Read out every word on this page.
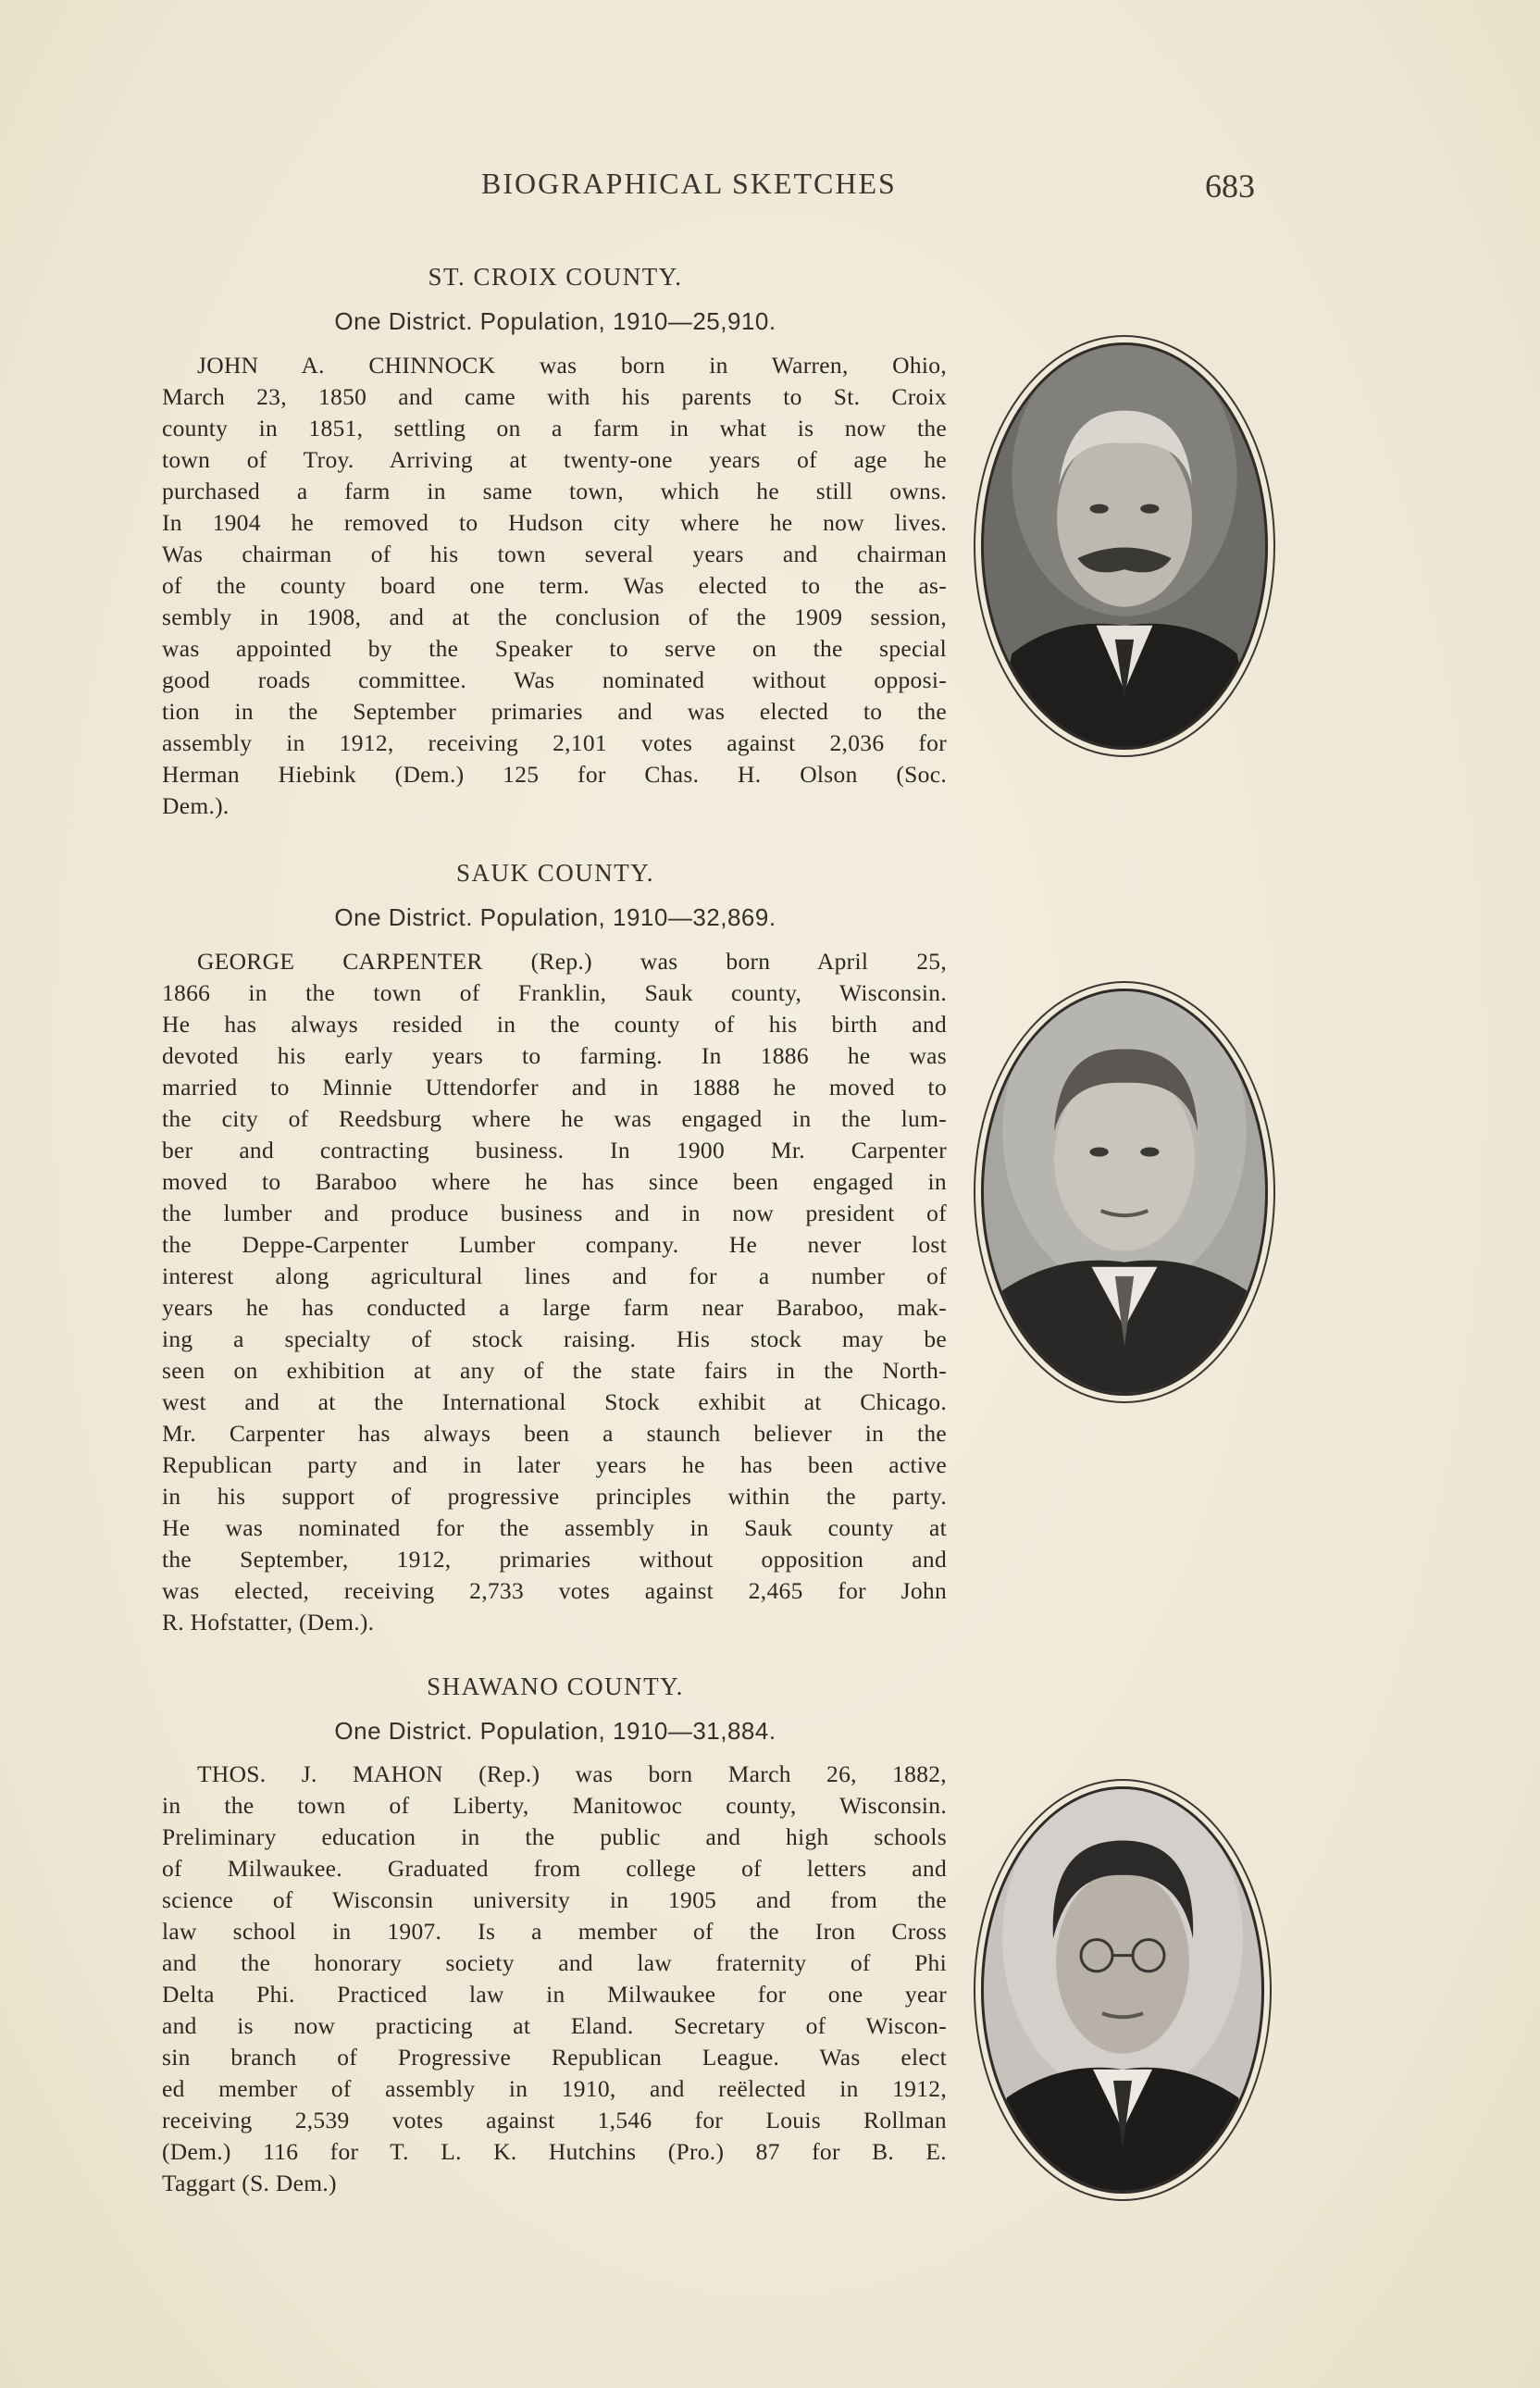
BIOGRAPHICAL SKETCHES	683
ST. CROIX COUNTY.
One District. Population, 1910—25,910.
JOHN A. CHINNOCK was born in Warren, Ohio,
March 23, 1850 and came with his parents to St. Croix
county in 1851, settling on a farm in what is now the
town of Troy. Arriving at twenty-one years of age he
purchased a farm in same town, which he still owns.
In 1904 he removed to Hudson city where he now lives.
Was chairman of his town several years and chairman
of the county board one term. Was elected to the as-
sembly in 1908, and at the conclusion of the 1909 session,
was appointed by the Speaker to serve on the special
good roads committee. Was nominated without opposi-
tion in the September primaries and was elected to the
assembly in 1912, receiving 2,101 votes against 2,036 for
Herman Hiebink (Dem.) 125 for Chas. H. Olson (Soc.
Dem.).
SAUK COUNTY.
One District. Population, 1910—32,869.
GEORGE CARPENTER (Rep.) was born April 25,
1866 in the town of Franklin, Sauk county, Wisconsin.
He has always resided in the county of his birth and
devoted his early years to farming. In 1886 he was
married to Minnie Uttendorfer and in 1888 he moved to
the city of Reedsburg where he was engaged in the lum-
ber and contracting business. In 1900 Mr. Carpenter
moved to Baraboo where he has since been engaged in
the lumber and produce business and in now president of
the Deppe-Carpenter Lumber company. He never lost
interest along agricultural lines and for a number of
years he has conducted a large farm near Baraboo, mak-
ing a specialty of stock raising. His stock may be
seen on exhibition at any of the state fairs in the North-
west and at the International Stock exhibit at Chicago.
Mr. Carpenter has always been a staunch believer in the
Republican party and in later years he has been active
in his support of progressive principles within the party.
He was nominated for the assembly in Sauk county at
the September, 1912, primaries without opposition and
was elected, receiving 2,733 votes against 2,465 for John
R. Hofstatter, (Dem.).
SHAWANO COUNTY.
One District. Population, 1910—31,884.
THOS. J. MAHON (Rep.) was born March 26, 1882,
in the town of Liberty, Manitowoc county, Wisconsin.
Preliminary education in the public and high schools
of Milwaukee. Graduated from college of letters and
science of Wisconsin university in 1905 and from the
law school in 1907. Is a member of the Iron Cross
and the honorary society and law fraternity of Phi
Delta Phi. Practiced law in Milwaukee for one year
and is now practicing at Eland. Secretary of Wiscon-
sin branch of Progressive Republican League. Was elect
ed member of assembly in 1910, and reëlected in 1912,
receiving 2,539 votes against 1,546 for Louis Rollman
(Dem.) 116 for T. L. K. Hutchins (Pro.) 87 for B. E.
Taggart (S. Dem.)
